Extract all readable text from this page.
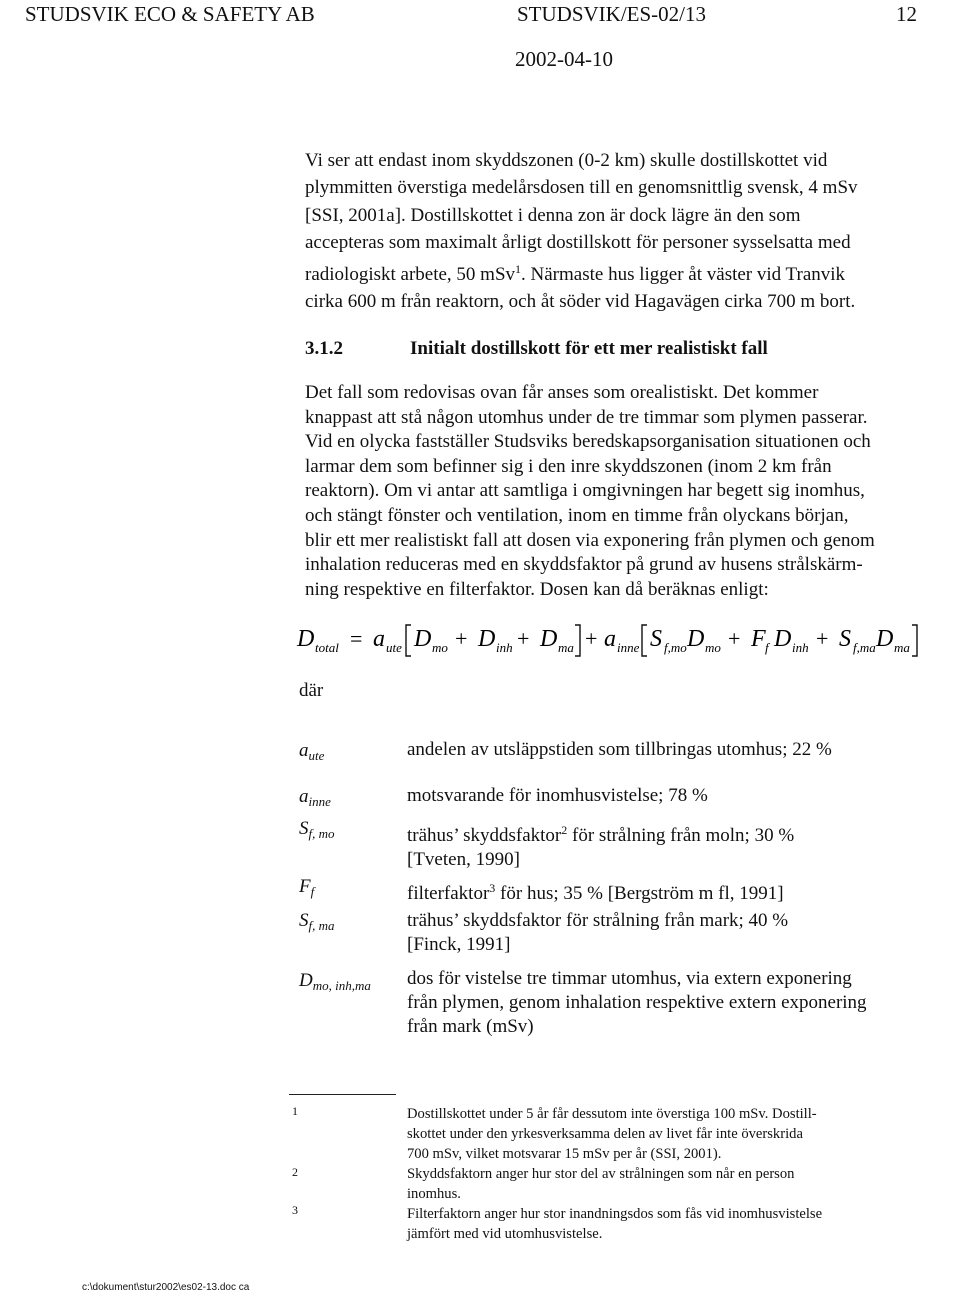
STUDSVIK ECO & SAFETY AB	STUDSVIK/ES-02/13	12
2002-04-10
Vi ser att endast inom skyddszonen (0-2 km) skulle dostillskottet vid
plymmitten överstiga medelårsdosen till en genomsnittlig svensk, 4 mSv
[SSI, 2001a]. Dostillskottet i denna zon är dock lägre än den som
accepteras som maximalt årligt dostillskott för personer sysselsatta med
radiologiskt arbete, 50 mSv$^1$. Närmaste hus ligger åt väster vid Tranvik
cirka 600 m från reaktorn, och åt söder vid Hagavägen cirka 700 m bort.
3.1.2	Initialt dostillskott för ett mer realistiskt fall
Det fall som redovisas ovan får anses som orealistiskt. Det kommer
knappast att stå någon utomhus under de tre timmar som plymen passerar.
Vid en olycka fastställer Studsviks beredskapsorganisation situationen och
larmar dem som befinner sig i den inre skyddszonen (inom 2 km från
reaktorn). Om vi antar att samtliga i omgivningen har begett sig inomhus,
och stängt fönster och ventilation, inom en timme från olyckans början,
blir ett mer realistiskt fall att dosen via exponering från plymen och genom
inhalation reduceras med en skyddsfaktor på grund av husens strålskärm-
ning respektive en filterfaktor. Dosen kan då beräknas enligt:
D total = a ute D mo + D inh + D ma + a inne S f,mo D mo + F f D inh + S f,ma D ma
där
$a_{ute}$	andelen av utsläppstiden som tillbringas utomhus; 22 %
$a_{inne}$	motsvarande för inomhusvistelse; 78 %
$S_{f, mo}$	trähus’ skyddsfaktor$^2$ för strålning från moln; 30 %
[Tveten, 1990]
$F_f$	filterfaktor$^3$ för hus; 35 % [Bergström m fl, 1991]
$S_{f, ma}$	trähus’ skyddsfaktor för strålning från mark; 40 %
[Finck, 1991]
$D_{mo, inh,ma}$ dos för vistelse tre timmar utomhus, via extern exponering
från plymen, genom inhalation respektive extern exponering
från mark (mSv)
1	Dostillskottet under 5 år får dessutom inte överstiga 100 mSv. Dostill-
skottet under den yrkesverksamma delen av livet får inte överskrida
700 mSv, vilket motsvarar 15 mSv per år (SSI, 2001).
2	Skyddsfaktorn anger hur stor del av strålningen som når en person
inomhus.
3	Filterfaktorn anger hur stor inandningsdos som fås vid inomhusvistelse
jämfört med vid utomhusvistelse.
c:\dokument\stur2002\es02-13.doc ca
